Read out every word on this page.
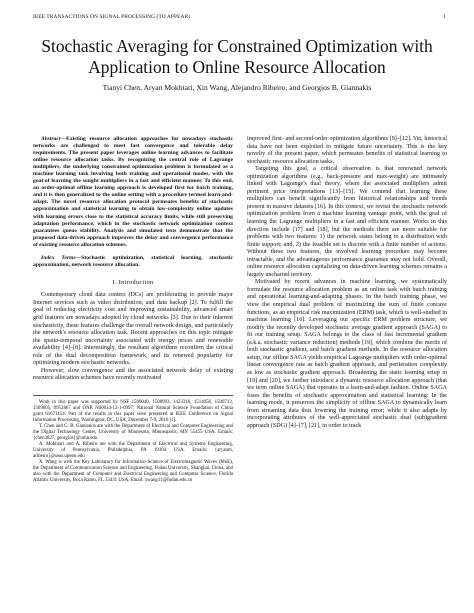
IEEE TRANSACTIONS ON SIGNAL PROCESSING (TO APPEAR)	1
Stochastic Averaging for Constrained Optimization with Application to Online Resource Allocation
Tianyi Chen, Aryan Mokhtari, Xin Wang, Alejandro Ribeiro, and Georgios B. Giannakis

Abstract—Existing resource allocation approaches for nowadays stochastic networks are challenged to meet fast convergence and tolerable delay requirements. The present paper leverages online learning advances to facilitate online resource allocation tasks. By recognizing the central role of Lagrange multipliers, the underlying constrained optimization problem is formulated as a machine learning task involving both training and operational modes, with the goal of learning the sought multipliers in a fast and efficient manner. To this end, an order-optimal offline learning approach is developed first for batch training, and it is then generalized to the online setting with a procedure termed learn-and-adapt. The novel resource allocation protocol permeates benefits of stochastic approximation and statistical learning to obtain low-complexity online updates with learning errors close to the statistical accuracy limits, while still preserving adaptation performance, which in the stochastic network optimization context guarantees queue stability. Analysis and simulated tests demonstrate that the proposed data-driven approach improves the delay and convergence performance of existing resource allocation schemes.

Index Terms—Stochastic optimization, statistical learning, stochastic approximation, network resource allocation.

I. Introduction

Contemporary cloud data centers (DCs) are proliferating to provide major Internet services such as video distribution, and data backup [2]. To fulfill the goal of reducing electricity cost and improving sustainability, advanced smart grid features are nowadays adopted by cloud networks [3]. Due to their inherent stochasticity, these features challenge the overall network design, and particularly the network's resource allocation task. Recent approaches on this topic mitigate the spatio-temporal uncertainty associated with energy prices and renewable availability [4]–[8]. Interestingly, the resultant algorithms reconfirm the critical role of the dual decomposition framework, and its renewed popularity for optimizing modern stochastic networks.

However, slow convergence and the associated network delay of existing resource allocation schemes have recently motivated

Work in this paper was supported by NSF 1500040, 1508993, 1423316, 1514056, 1500713, 1509005, 0952867 and ONR N00014-12-1-0997; National Natural Science Foundation of China grant 61671154. Part of the results in this paper were presented at IEEE Conference on Signal Information Processing, Washington, DC, USA, December 7-9, 2016 [1].

T. Chen and G. B. Giannakis are with the Department of Electrical and Computer Engineering and the Digital Technology Center, University of Minnesota, Minneapolis, MN 55455 USA. Emails: {chen3827, georgios}@umn.edu

A. Mokhtari and A. Ribeiro are with the Department of Electrical and Systems Engineering, University of Pennsylvania, Philadelphia, PA 19104 USA. Emails: {aryanm, aribeiro}@seas.upenn.edu

X. Wang is with the Key Laboratory for Information Science of Electromagnetic Waves (MoE), the Department of Communication Science and Engineering, Fudan University, Shanghai, China, and also with the Department of Computer and Electrical Engineering and Computer Science, Florida Atlantic University, Boca Raton, FL 33431 USA. Email: xwang11@fudan.edu.cn

improved first- and second-order optimization algorithms [9]–[12]. Yet, historical data have not been exploited to mitigate future uncertainty. This is the key novelty of the present paper, which permeates benefits of statistical learning to stochastic resource allocation tasks.

Targeting this goal, a critical observation is that renowned network optimization algorithms (e.g., back-pressure and max-weight) are intimately linked with Lagrange's dual theory, where the associated multipliers admit pertinent price interpretations [13]–[15]. We contend that learning these multipliers can benefit significantly from historical relationships and trends present in massive datasets [16]. In this context, we revisit the stochastic network optimization problem from a machine learning vantage point, with the goal of learning the Lagrange multipliers in a fast and efficient manner. Works in this direction include [17] and [18], but the methods there are more suitable for problems with two features: 1) the network states belong to a distribution with finite support; and, 2) the feasible set is discrete with a finite number of actions. Without these two features, the involved learning procedure may become intractable, and the advantageous performance guarantee may not hold. Overall, online resource allocation capitalizing on data-driven learning schemes remains a largely uncharted territory.

Motivated by recent advances in machine learning, we systematically formulate the resource allocation problem as an online task with batch training and operational learning-and-adapting phases. In the batch training phase, we view the empirical dual problem of maximizing the sum of finite concave functions, as an empirical risk maximization (ERM) task, which is well-studied in machine learning [16]. Leveraging our specific ERM problem structure, we modify the recently developed stochastic average gradient approach (SAGA) to fit our training setup. SAGA belongs to the class of fast incremental gradient (a.k.a. stochastic variance reduction) methods [19], which combine the merits of both stochastic gradient, and batch gradient methods. In the resource allocation setup, our offline SAGA yields empirical Lagrange multipliers with order-optimal linear convergence rate as batch gradient approach, and periteration complexity as low as stochastic gradient approach. Broadening the static learning setup in [19] and [20], we further introduce a dynamic resource allocation approach (that we term online SAGA) that operates in a learn-and-adapt fashion. Online SAGA fuses the benefits of stochastic approximation and statistical learning: In the learning mode, it preserves the simplicity of offline SAGA to dynamically learn from streaming data thus lowering the training error; while it also adapts by incorporating attributes of the well-appreciated stochastic dual (sub)gradient approach (SDG) [4]–[7], [21], in order to track
